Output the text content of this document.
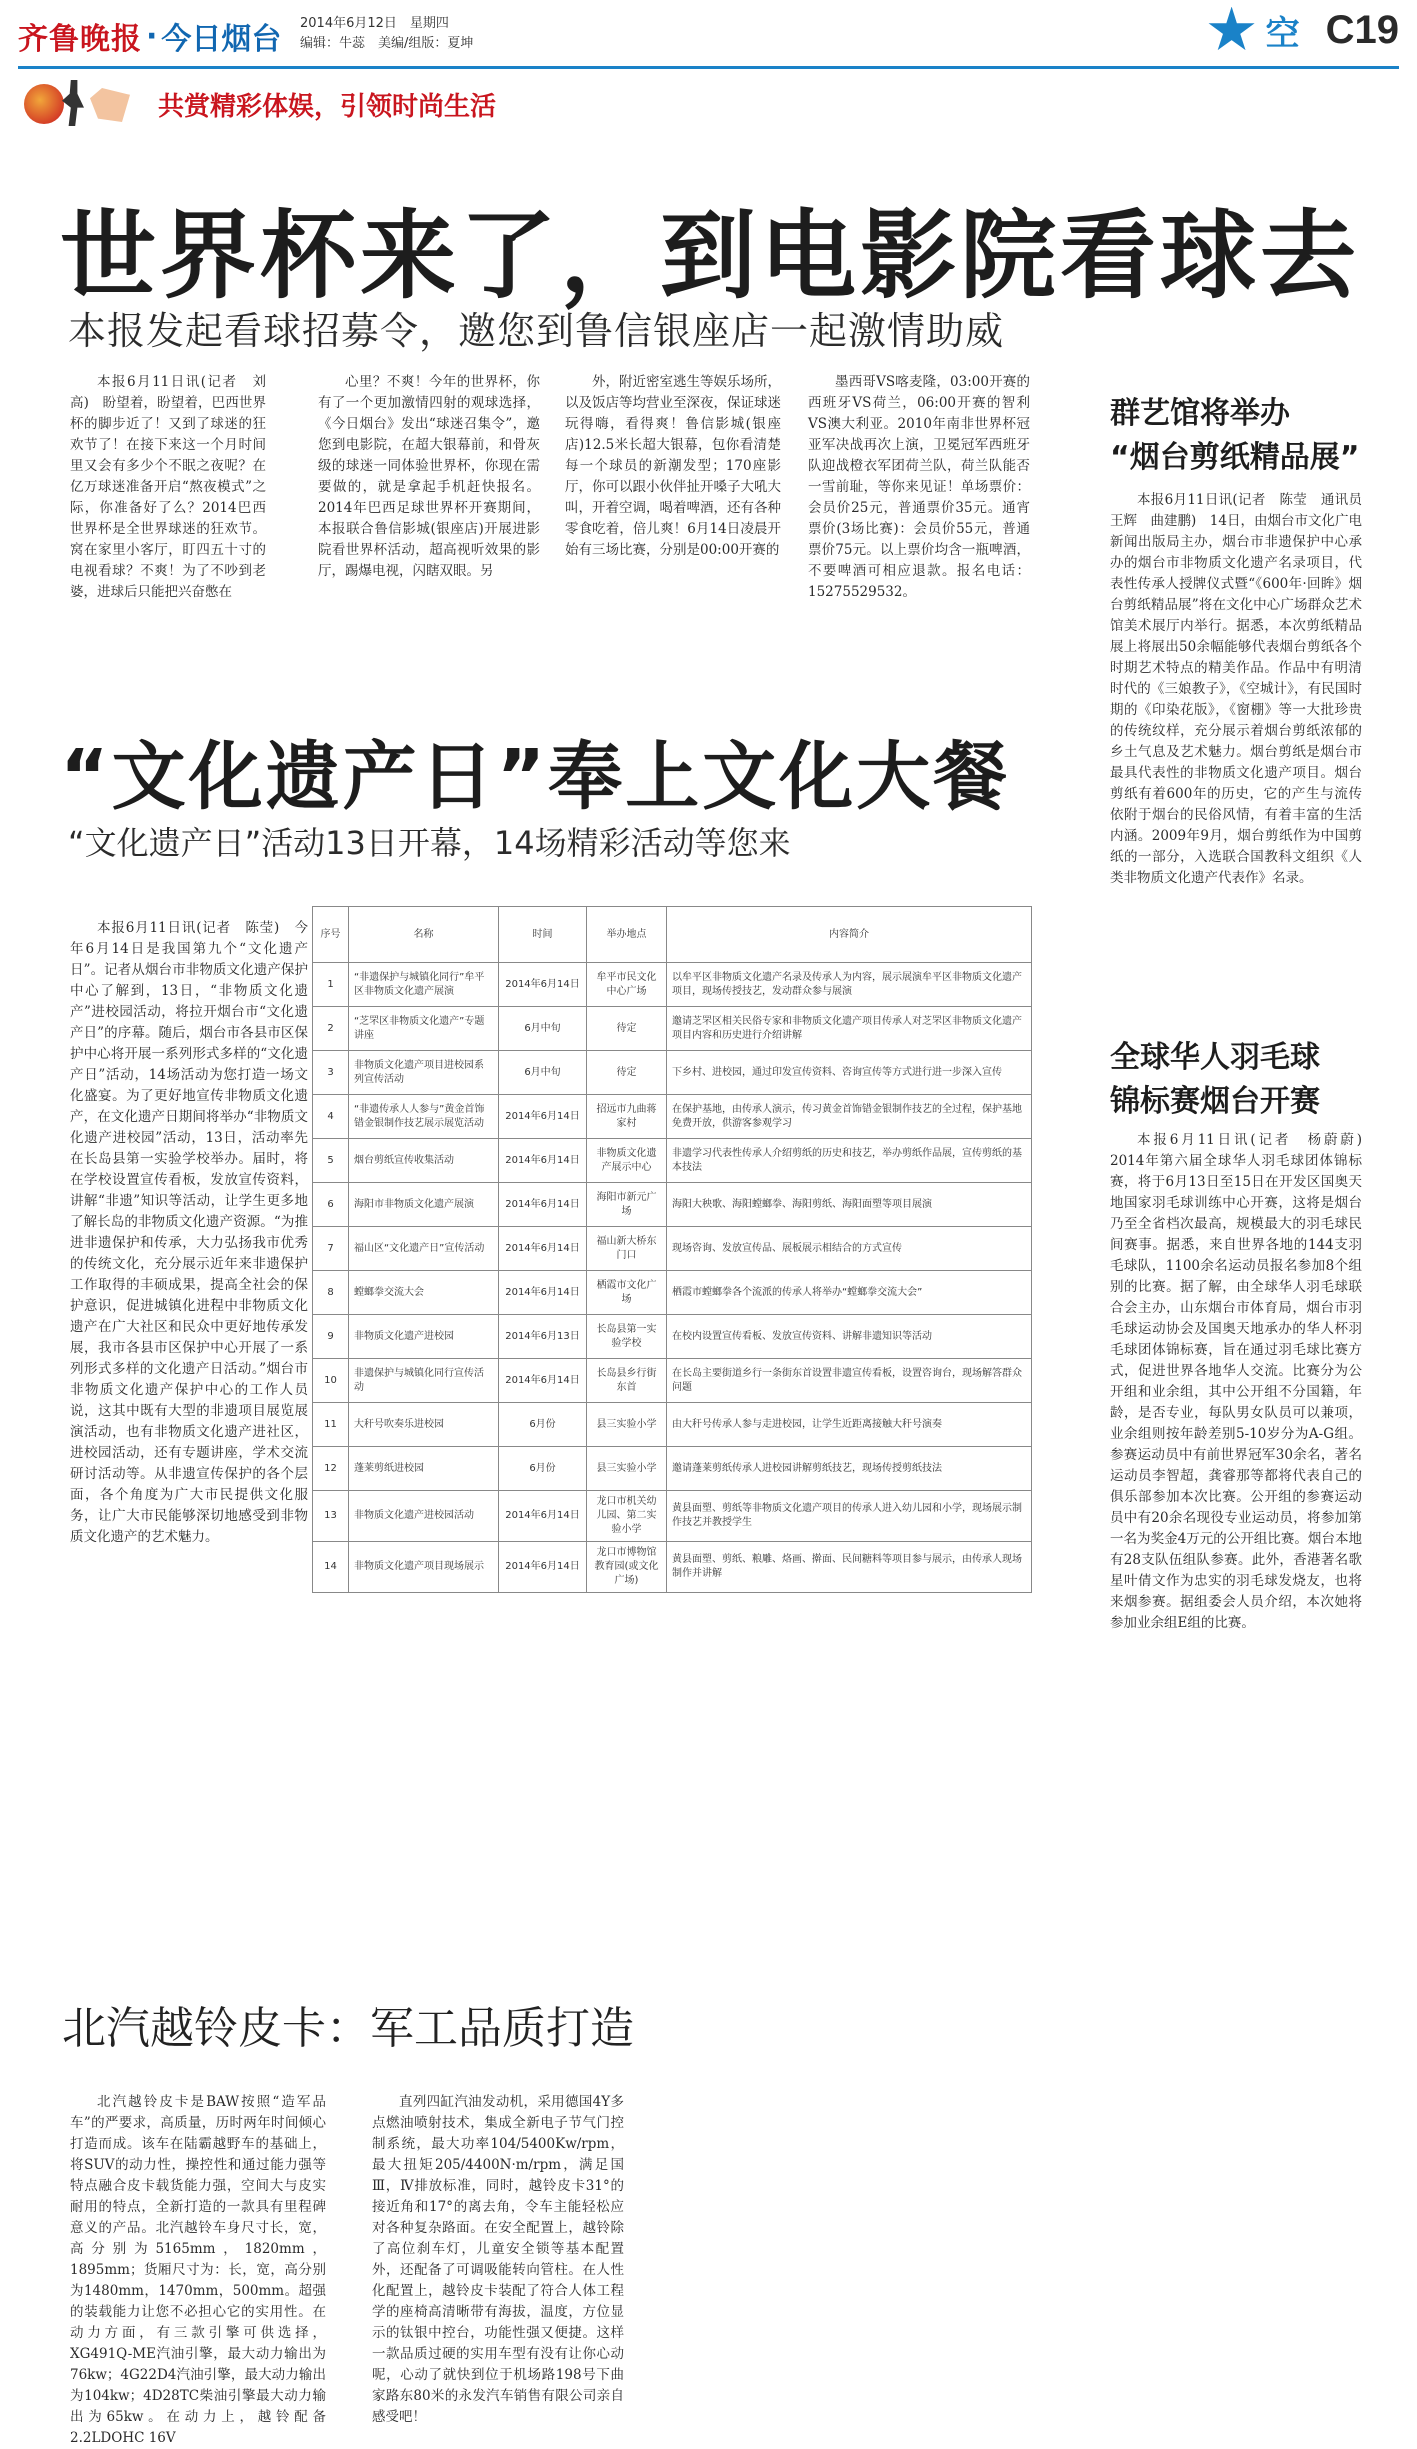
齐鲁晚报 · 今日烟台 2014年6月12日　星期四
编辑：牛蕊　美编/组版：夏坤	空 C19
共赏精彩体娱，引领时尚生活
世界杯来了，到电影院看球去
本报发起看球招募令，邀您到鲁信银座店一起激情助威
本报6月11日讯(记者　刘高)　盼望着，盼望着，巴西世界杯的脚步近了！又到了球迷的狂欢节了！在接下来这一个月时间里又会有多少个不眠之夜呢？在亿万球迷准备开启“熬夜模式”之际，你准备好了么？2014巴西世界杯是全世界球迷的狂欢节。窝在家里小客厅，盯四五十寸的电视看球？不爽！为了不吵到老婆，进球后只能把兴奋憋在
心里？不爽！今年的世界杯，你有了一个更加激情四射的观球选择，《今日烟台》发出“球迷召集令”，邀您到电影院，在超大银幕前，和骨灰级的球迷一同体验世界杯，你现在需要做的，就是拿起手机赶快报名。2014年巴西足球世界杯开赛期间，本报联合鲁信影城(银座店)开展进影院看世界杯活动，超高视听效果的影厅，踢爆电视，闪瞎双眼。另
外，附近密室逃生等娱乐场所，以及饭店等均营业至深夜，保证球迷玩得嗨，看得爽！鲁信影城(银座店)12.5米长超大银幕，包你看清楚每一个球员的新潮发型；170座影厅，你可以跟小伙伴扯开嗓子大吼大叫，开着空调，喝着啤酒，还有各种零食吃着，倍儿爽！6月14日凌晨开始有三场比赛，分别是00:00开赛的
墨西哥VS喀麦隆，03:00开赛的西班牙VS荷兰，06:00开赛的智利VS澳大利亚。2010年南非世界杯冠亚军决战再次上演，卫冕冠军西班牙队迎战橙衣军团荷兰队，荷兰队能否一雪前耻，等你来见证！单场票价：会员价25元，普通票价35元。通宵票价(3场比赛)：会员价55元，普通票价75元。以上票价均含一瓶啤酒，不要啤酒可相应退款。报名电话：15275529532。
“文化遗产日”奉上文化大餐
“文化遗产日”活动13日开幕，14场精彩活动等您来
本报6月11日讯(记者　陈莹)　今年6月14日是我国第九个“文化遗产日”。记者从烟台市非物质文化遗产保护中心了解到，13日，“非物质文化遗产”进校园活动，将拉开烟台市“文化遗产日”的序幕。随后，烟台市各县市区保护中心将开展一系列形式多样的“文化遗产日”活动，14场活动为您打造一场文化盛宴。为了更好地宣传非物质文化遗产，在文化遗产日期间将举办“非物质文化遗产进校园”活动，13日，活动率先在长岛县第一实验学校举办。届时，将在学校设置宣传看板，发放宣传资料，讲解“非遗”知识等活动，让学生更多地了解长岛的非物质文化遗产资源。“为推进非遗保护和传承，大力弘扬我市优秀的传统文化，充分展示近年来非遗保护工作取得的丰硕成果，提高全社会的保护意识，促进城镇化进程中非物质文化遗产在广大社区和民众中更好地传承发展，我市各县市区保护中心开展了一系列形式多样的文化遗产日活动。”烟台市非物质文化遗产保护中心的工作人员说，这其中既有大型的非遗项目展览展演活动，也有非物质文化遗产进社区，进校园活动，还有专题讲座，学术交流研讨活动等。从非遗宣传保护的各个层面，各个角度为广大市民提供文化服务，让广大市民能够深切地感受到非物质文化遗产的艺术魅力。
序号	名称	时间	举办地点	内容简介
1	“非遗保护与城镇化同行”牟平区非物质文化遗产展演	2014年6月14日	牟平市民文化中心广场	以牟平区非物质文化遗产名录及传承人为内容，展示展演牟平区非物质文化遗产项目，现场传授技艺，发动群众参与展演
2	“芝罘区非物质文化遗产”专题讲座	6月中旬	待定	邀请芝罘区相关民俗专家和非物质文化遗产项目传承人对芝罘区非物质文化遗产项目内容和历史进行介绍讲解
3	非物质文化遗产项目进校园系列宣传活动	6月中旬	待定	下乡村、进校园，通过印发宣传资料、咨询宣传等方式进行进一步深入宣传
4	“非遗传承人人参与”黄金首饰错金银制作技艺展示展览活动	2014年6月14日	招远市九曲蒋家村	在保护基地，由传承人演示，传习黄金首饰错金银制作技艺的全过程，保护基地免费开放，供游客参观学习
5	烟台剪纸宣传收集活动	2014年6月14日	非物质文化遗产展示中心	非遗学习代表性传承人介绍剪纸的历史和技艺，举办剪纸作品展，宣传剪纸的基本技法
6	海阳市非物质文化遗产展演	2014年6月14日	海阳市新元广场	海阳大秧歌、海阳螳螂拳、海阳剪纸、海阳面塑等项目展演
7	福山区“文化遗产日”宣传活动	2014年6月14日	福山新大桥东门口	现场咨询、发放宣传品、展板展示相结合的方式宣传
8	螳螂拳交流大会	2014年6月14日	栖霞市文化广场	栖霞市螳螂拳各个流派的传承人将举办“螳螂拳交流大会”
9	非物质文化遗产进校园	2014年6月13日	长岛县第一实验学校	在校内设置宣传看板、发放宣传资料、讲解非遗知识等活动
10	非遗保护与城镇化同行宣传活动	2014年6月14日	长岛县乡行街东首	在长岛主要街道乡行一条街东首设置非遗宣传看板，设置咨询台，现场解答群众问题
11	大秆号吹奏乐进校园	6月份	县三实验小学	由大秆号传承人参与走进校园，让学生近距离接触大秆号演奏
12	蓬莱剪纸进校园	6月份	县三实验小学	邀请蓬莱剪纸传承人进校园讲解剪纸技艺，现场传授剪纸技法
13	非物质文化遗产进校园活动	2014年6月14日	龙口市机关幼儿园、第二实验小学	黄县面塑、剪纸等非物质文化遗产项目的传承人进入幼儿园和小学，现场展示制作技艺并教授学生
14	非物质文化遗产项目现场展示	2014年6月14日	龙口市博物馆教育园(或文化广场)	黄县面塑、剪纸、粮雕、烙画、擀面、民间糖料等项目参与展示，由传承人现场制作并讲解
北汽越铃皮卡：军工品质打造
北汽越铃皮卡是BAW按照“造军品车”的严要求，高质量，历时两年时间倾心打造而成。该车在陆霸越野车的基础上，将SUV的动力性，操控性和通过能力强等特点融合皮卡载货能力强，空间大与皮实耐用的特点，全新打造的一款具有里程碑意义的产品。北汽越铃车身尺寸长，宽，高分别为5165mm，1820mm，1895mm；货厢尺寸为：长，宽，高分别为1480mm，1470mm，500mm。超强的装载能力让您不必担心它的实用性。在动力方面，有三款引擎可供选择，XG491Q-ME汽油引擎，最大动力输出为76kw；4G22D4汽油引擎，最大动力输出为104kw；4D28TC柴油引擎最大动力输出为65kw。在动力上，越铃配备2.2LDOHC 16V
直列四缸汽油发动机，采用德国4Y多点燃油喷射技术，集成全新电子节气门控制系统，最大功率104/5400Kw/rpm，最大扭矩205/4400N·m/rpm，满足国Ⅲ，Ⅳ排放标准，同时，越铃皮卡31°的接近角和17°的离去角，令车主能轻松应对各种复杂路面。在安全配置上，越铃除了高位刹车灯，儿童安全锁等基本配置外，还配备了可调吸能转向管柱。在人性化配置上，越铃皮卡装配了符合人体工程学的座椅高清晰带有海拔，温度，方位显示的钛银中控台，功能性强又便捷。这样一款品质过硬的实用车型有没有让你心动呢，心动了就快到位于机场路198号下曲家路东80米的永发汽车销售有限公司亲自感受吧！
群艺馆将举办
“烟台剪纸精品展”
本报6月11日讯(记者　陈莹　通讯员　王辉　曲建鹏)　14日，由烟台市文化广电新闻出版局主办，烟台市非遗保护中心承办的烟台市非物质文化遗产名录项目，代表性传承人授牌仪式暨“《600年·回眸》烟台剪纸精品展”将在文化中心广场群众艺术馆美术展厅内举行。据悉，本次剪纸精品展上将展出50余幅能够代表烟台剪纸各个时期艺术特点的精美作品。作品中有明清时代的《三娘教子》，《空城计》，有民国时期的《印染花版》，《窗棚》等一大批珍贵的传统纹样，充分展示着烟台剪纸浓郁的乡土气息及艺术魅力。烟台剪纸是烟台市最具代表性的非物质文化遗产项目。烟台剪纸有着600年的历史，它的产生与流传依附于烟台的民俗风情，有着丰富的生活内涵。2009年9月，烟台剪纸作为中国剪纸的一部分，入选联合国教科文组织《人类非物质文化遗产代表作》名录。
全球华人羽毛球
锦标赛烟台开赛
本报6月11日讯(记者　杨蔚蔚)　2014年第六届全球华人羽毛球团体锦标赛，将于6月13日至15日在开发区国奥天地国家羽毛球训练中心开赛，这将是烟台乃至全省档次最高，规模最大的羽毛球民间赛事。据悉，来自世界各地的144支羽毛球队，1100余名运动员报名参加8个组别的比赛。据了解，由全球华人羽毛球联合会主办，山东烟台市体育局，烟台市羽毛球运动协会及国奥天地承办的华人杯羽毛球团体锦标赛，旨在通过羽毛球比赛方式，促进世界各地华人交流。比赛分为公开组和业余组，其中公开组不分国籍，年龄，是否专业，每队男女队员可以兼项，业余组则按年龄差别5-10岁分为A-G组。参赛运动员中有前世界冠军30余名，著名运动员李智超，龚睿那等都将代表自己的俱乐部参加本次比赛。公开组的参赛运动员中有20余名现役专业运动员，将参加第一名为奖金4万元的公开组比赛。烟台本地有28支队伍组队参赛。此外，香港著名歌星叶倩文作为忠实的羽毛球发烧友，也将来烟参赛。据组委会人员介绍，本次她将参加业余组E组的比赛。
